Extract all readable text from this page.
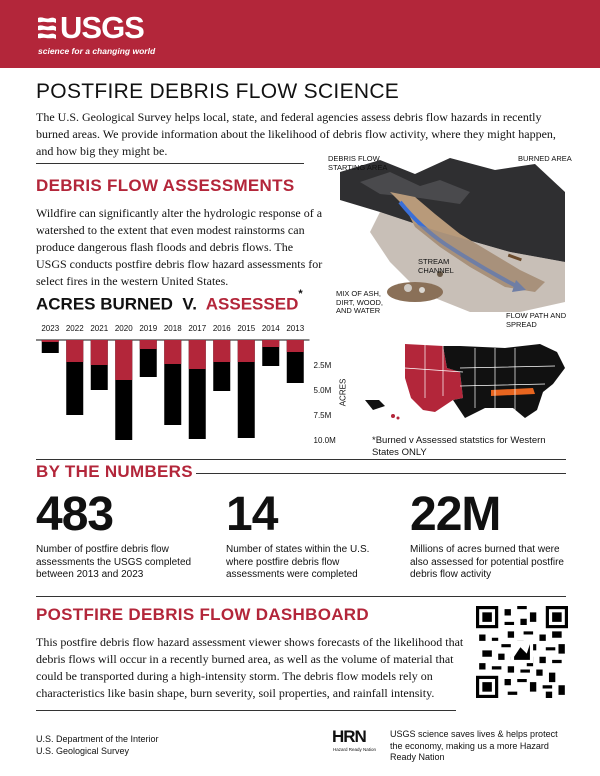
USGS
science for a changing world
POSTFIRE DEBRIS FLOW SCIENCE
The U.S. Geological Survey helps local, state, and federal agencies assess debris flow hazards in recently burned areas. We provide information about the likelihood of debris flow activity, where they might happen, and how big they might be.
DEBRIS FLOW ASSESSMENTS
Wildfire can significantly alter the hydrologic response of a watershed to the extent that even modest rainstorms can produce dangerous flash floods and debris flows. The USGS conducts postfire debris flow hazard assessments for select fires in the western United States.
DEBRIS FLOW STARTING AREA
BURNED AREA
STREAM CHANNEL
MIX OF ASH, DIRT, WOOD, AND WATER
FLOW PATH AND SPREAD
ACRES BURNED V. ASSESSED*
2023 2022 2021 2020 2019 2018 2017 2016 2015 2014 2013
2.5M
5.0M
7.5M
10.0M
ACRES
*Burned v Assessed statstics for Western States ONLY
BY THE NUMBERS
483
Number of postfire debris flow assessments the USGS completed between 2013 and 2023
14
Number of states within the U.S. where postfire debris flow assessments were completed
22M
Millions of acres burned that were also assessed for potential postfire debris flow activity
POSTFIRE DEBRIS FLOW DASHBOARD
This postfire debris flow hazard assessment viewer shows forecasts of the likelihood that debris flows will occur in a recently burned area, as well as the volume of material that could be transported during a high-intensity storm. The debris flow models rely on characteristics like basin shape, burn severity, soil properties, and rainfall intensity.
U.S. Department of the Interior
U.S. Geological Survey
HRN
Hazard Ready Nation
USGS science saves lives & helps protect the economy, making us a more Hazard Ready Nation
